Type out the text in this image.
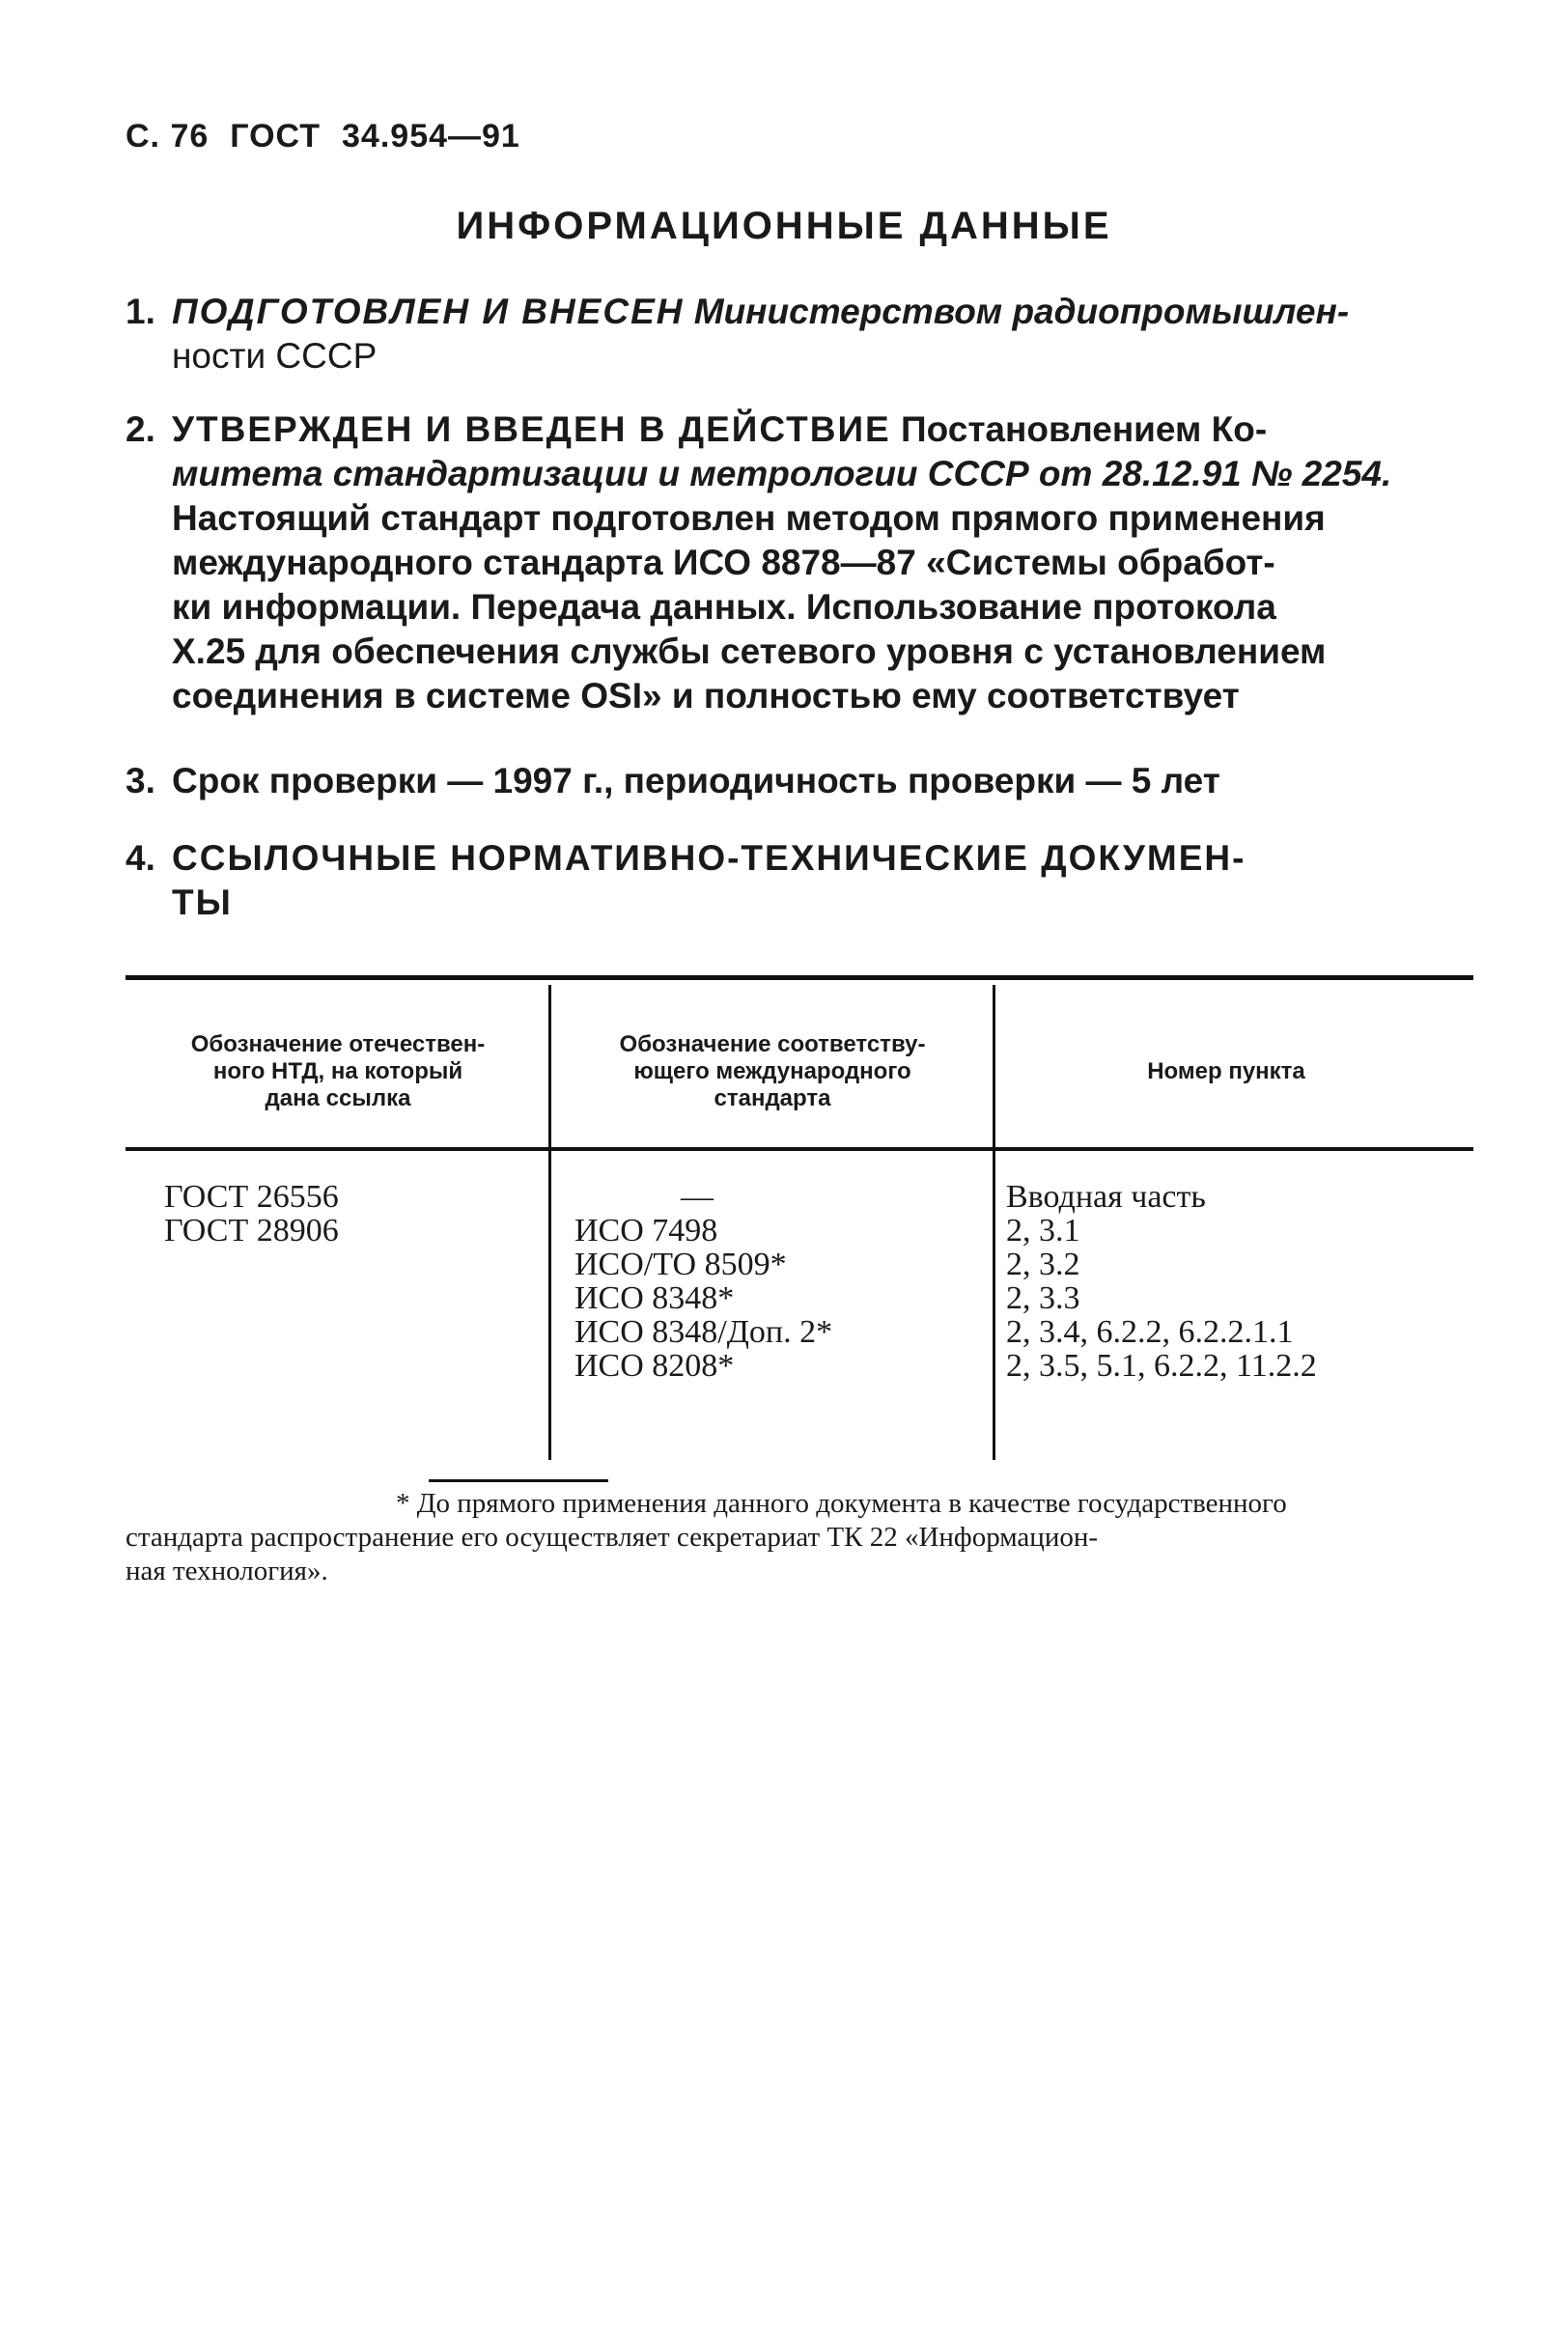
С. 76 ГОСТ 34.954—91
ИНФОРМАЦИОННЫЕ ДАННЫЕ
1. ПОДГОТОВЛЕН И ВНЕСЕН Министерством радиопромышлен-
ности СССР
2. УТВЕРЖДЕН И ВВЕДЕН В ДЕЙСТВИЕ Постановлением Ко-
митета стандартизации и метрологии СССР от 28.12.91 № 2254.
Настоящий стандарт подготовлен методом прямого применения
международного стандарта ИСО 8878—87 «Системы обработ-
ки информации. Передача данных. Использование протокола
Х.25 для обеспечения службы сетевого уровня с установлением
соединения в системе OSI» и полностью ему соответствует
3. Срок проверки — 1997 г., периодичность проверки — 5 лет
4. ССЫЛОЧНЫЕ НОРМАТИВНО-ТЕХНИЧЕСКИЕ ДОКУМЕН-
ТЫ
Обозначение отечествен-
ного НТД, на который
дана ссылка
Обозначение соответству-
ющего международного
стандарта
Номер пункта
ГОСТ 26556
ГОСТ 28906
—
ИСО 7498
ИСО/ТО 8509*
ИСО 8348*
ИСО 8348/Доп. 2*
ИСО 8208*
Вводная часть
2, 3.1
2, 3.2
2, 3.3
2, 3.4, 6.2.2, 6.2.2.1.1
2, 3.5, 5.1, 6.2.2, 11.2.2
* До прямого применения данного документа в качестве государственного
стандарта распространение его осуществляет секретариат ТК 22 «Информацион-
ная технология».
